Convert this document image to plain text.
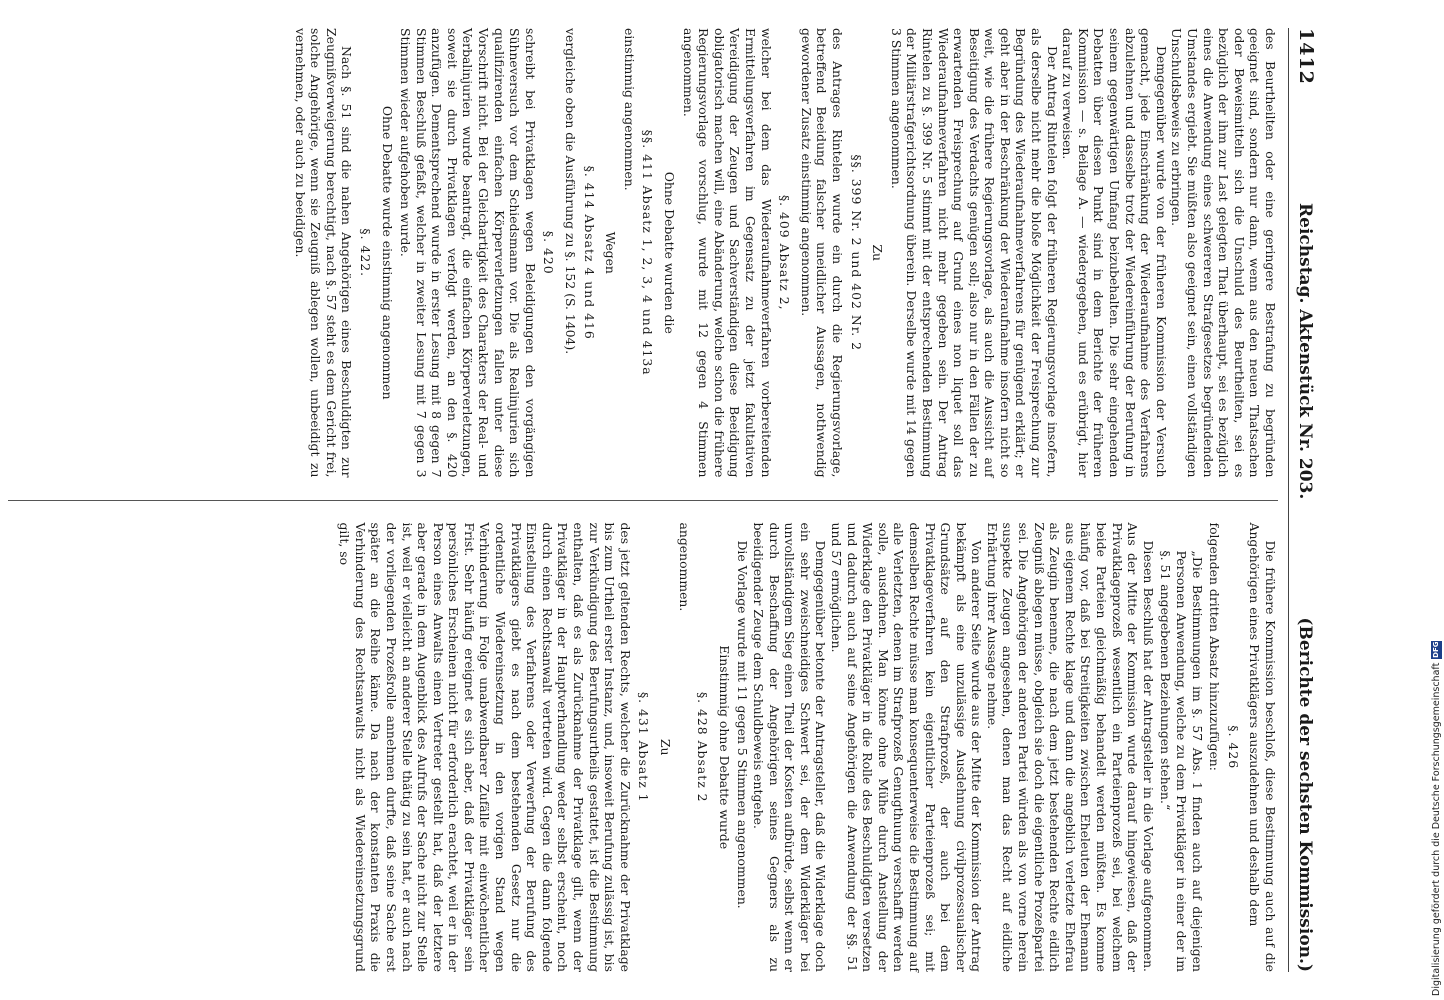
1412
Reichstag. Aktenstück Nr. 203.
(Berichte der sechsten Kommission.)

des Beurtheilten oder eine geringere Bestrafung zu begründen geeignet sind, sondern nur dann, wenn aus den neuen Thatsachen oder Beweismitteln sich die Unschuld des Beurtheilten, sei es bezüglich der ihm zur Last gelegten That überhaupt, sei es bezüglich eines die Anwendung eines schwereren Strafgesetzes begründenden Umstandes ergiebt. Sie müßten also geeignet sein, einen vollständigen Unschuldsbeweis zu erbringen.

Demgegenüber wurde von der früheren Kommission der Versuch gemacht, jede Einschränkung der Wiederaufnahme des Verfahrens abzulehnen und dasselbe trotz der Wiedereinführung der Berufung in seinem gegenwärtigen Umfang beizubehalten. Die sehr eingehenden Debatten über diesen Punkt sind in dem Berichte der früheren Kommission — s. Beilage A. — wiedergegeben, und es erübrigt, hier darauf zu verweisen.

Der Antrag Rintelen folgt der früheren Regierungsvorlage insofern, als derselbe nicht mehr die bloße Möglichkeit der Freisprechung zur Begründung des Wiederaufnahmeverfahrens für genügend erklärt; er geht aber in der Beschränkung der Wiederaufnahme insofern nicht so weit, wie die frühere Regierungsvorlage, als auch die Aussicht auf Beseitigung des Verdachts genügen soll; also nur in den Fällen der zu erwartenden Freisprechung auf Grund eines non liquet soll das Wiederaufnahmeverfahren nicht mehr gegeben sein. Der Antrag Rintelen zu §. 399 Nr. 5 stimmt mit der entsprechenden Bestimmung der Militärstrafgerichtsordnung überein. Derselbe wurde mit 14 gegen 3 Stimmen angenommen.

Zu
§§. 399 Nr. 2 und 402 Nr. 2

des Antrages Rintelen wurde ein durch die Regierungsvorlage, betreffend Beeidung falscher uneidlicher Aussagen, nothwendig gewordener Zusatz einstimmig angenommen.

§. 409 Absatz 2,

welcher bei dem das Wiederaufnahmeverfahren vorbereitenden Ermittelungsverfahren im Gegensatz zu der jetzt fakultativen Vereidigung der Zeugen und Sachverständigen diese Beeidigung obligatorisch machen will, eine Abänderung, welche schon die frühere Regierungsvorlage vorschlug, wurde mit 12 gegen 4 Stimmen angenommen.

Ohne Debatte wurden die
§§. 411 Absatz 1, 2, 3, 4 und 413a

einstimmig angenommen.

Wegen
§. 414 Absatz 4 und 416

vergleiche oben die Ausführung zu §. 152 (S. 1404).

§. 420

schreibt bei Privatklagen wegen Beleidigungen den vorgängigen Sühneversuch vor dem Schiedsmann vor. Die als Realinjurien sich qualifizirenden einfachen Körperverletzungen fallen unter diese Vorschrift nicht. Bei der Gleichartigkeit des Charakters der Real- und Verbalinjurien wurde beantragt, die einfachen Körperverletzungen, soweit sie durch Privatklagen verfolgt werden, an den §. 420 anzufügen. Dementsprechend wurde in erster Lesung mit 8 gegen 7 Stimmen Beschluß gefaßt, welcher in zweiter Lesung mit 7 gegen 3 Stimmen wieder aufgehoben wurde.

Ohne Debatte wurde einstimmig angenommen
§. 422.

Nach §. 51 sind die nahen Angehörigen eines Beschuldigten zur Zeugnißverweigerung berechtigt, nach §. 57 steht es dem Gericht frei, solche Angehörige, wenn sie Zeugniß ablegen wollen, unbeeidigt zu vernehmen, oder auch zu beeidigen.

Die frühere Kommission beschloß, diese Bestimmung auch auf die Angehörigen eines Privatklägers auszudehnen und deshalb dem

§. 426

folgenden dritten Absatz hinzuzufügen:

„Die Bestimmungen im §. 57 Abs. 1 finden auch auf diejenigen Personen Anwendung, welche zu dem Privatkläger in einer der im §. 51 angegebenen Beziehungen stehen.“

Diesen Beschluß hat der Antragsteller in die Vorlage aufgenommen. Aus der Mitte der Kommission wurde darauf hingewiesen, daß der Privatklageprozeß wesentlich ein Parteienprozeß sei, bei welchem beide Parteien gleichmäßig behandelt werden müßten. Es komme häufig vor, daß bei Streitigkeiten zwischen Eheleuten der Ehemann aus eigenem Rechte klage und dann die angeblich verletzte Ehefrau als Zeugin benenne, die nach dem jetzt bestehenden Rechte eidlich Zeugniß ablegen müsse, obgleich sie doch die eigentliche Prozeßpartei sei. Die Angehörigen der anderen Partei würden als von vorne herein suspekte Zeugen angesehen, denen man das Recht auf eidliche Erhärtung ihrer Aussage nehme.

Von anderer Seite wurde aus der Mitte der Kommission der Antrag bekämpft als eine unzulässige Ausdehnung civilprozessualischer Grundsätze auf den Strafprozeß, der auch bei dem Privatklageverfahren kein eigentlicher Parteienprozeß sei; mit demselben Rechte müsse man konsequenterweise die Bestimmung auf alle Verletzten, denen im Strafprozeß Genugthuung verschafft werden solle, ausdehnen. Man könne ohne Mühe durch Anstellung der Widerklage den Privatkläger in die Rolle des Beschuldigten versetzen und dadurch auch auf seine Angehörigen die Anwendung der §§. 51 und 57 ermöglichen.

Demgegenüber betonte der Antragsteller, daß die Widerklage doch ein sehr zweischneidiges Schwert sei, der dem Widerkläger bei unvollständigem Sieg einen Theil der Kosten aufbürde, selbst wenn er durch Beschaffung der Angehörigen seines Gegners als zu beeidigender Zeuge dem Schuldbeweis entgehe.

Die Vorlage wurde mit 11 gegen 5 Stimmen angenommen.

Einstimmig ohne Debatte wurde
§. 428 Absatz 2

angenommen.

Zu
§. 431 Absatz 1

des jetzt geltenden Rechts, welcher die Zurücknahme der Privatklage bis zum Urtheil erster Instanz, und, insoweit Berufung zulässig ist, bis zur Verkündigung des Berufungsurtheils gestattet, ist die Bestimmung enthalten, daß es als Zurücknahme der Privatklage gilt, wenn der Privatkläger in der Hauptverhandlung weder selbst erscheint, noch durch einen Rechtsanwalt vertreten wird. Gegen die dann folgende Einstellung des Verfahrens oder Verwerfung der Berufung des Privatklägers giebt es nach dem bestehenden Gesetz nur die ordentliche Wiedereinsetzung in den vorigen Stand wegen Verhinderung in Folge unabwendbarer Zufälle mit einwöchentlicher Frist. Sehr häufig ereignet es sich aber, daß der Privatkläger sein persönliches Erscheinen nicht für erforderlich erachtet, weil er in der Person eines Anwalts einen Vertreter gestellt hat, daß der letztere aber gerade in dem Augenblick des Aufrufs der Sache nicht zur Stelle ist, weil er vielleicht an anderer Stelle thätig zu sein hat, er auch nach der vorliegenden Prozeßrolle annehmen durfte, daß seine Sache erst später an die Reihe käme. Da nach der konstanten Praxis die Verhinderung des Rechtsanwalts nicht als Wiedereinsetzungsgrund gilt, so

Digitalisierung gefördert durch die Deutsche Forschungsgemeinschaft
DFG
